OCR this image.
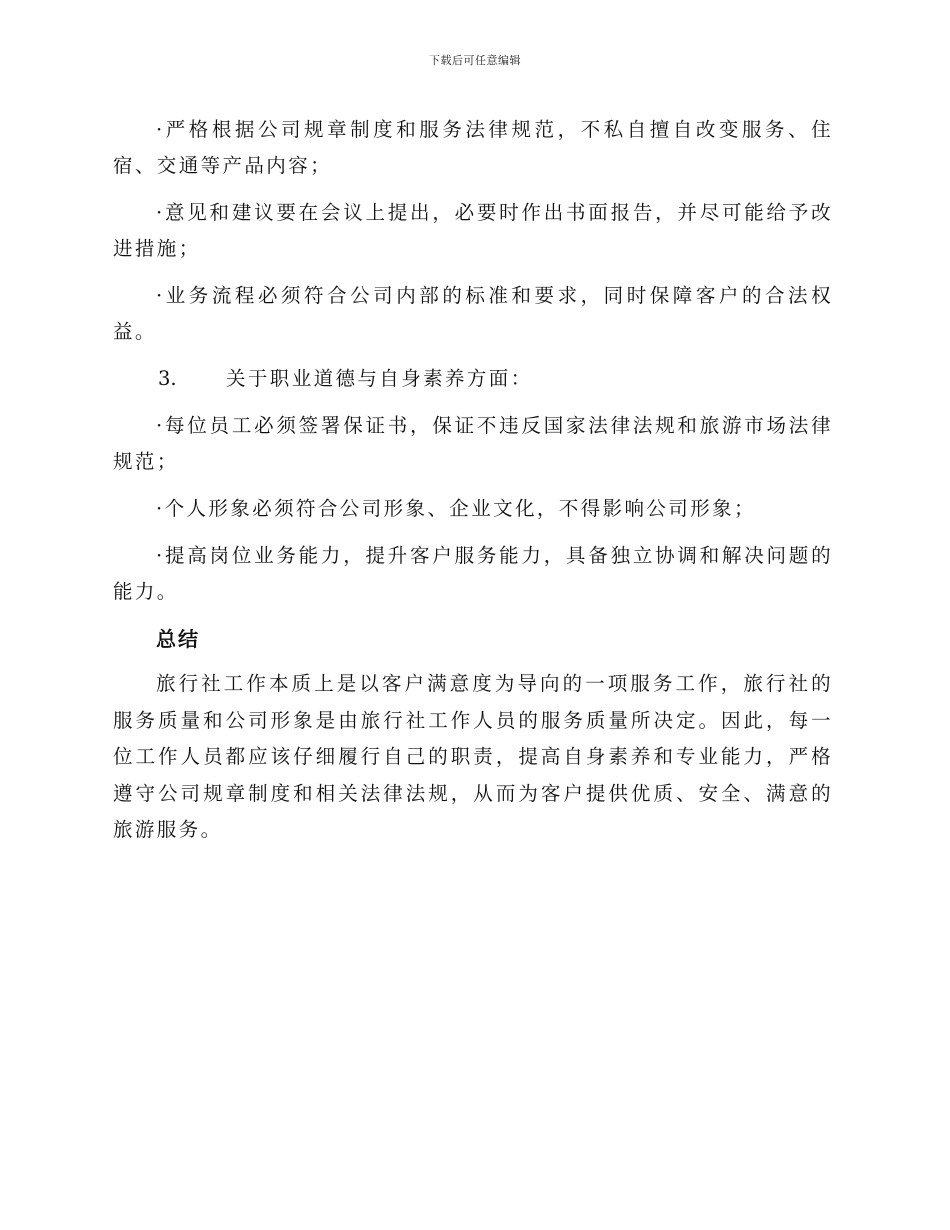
下载后可任意编辑

·严格根据公司规章制度和服务法律规范，不私自擅自改变服务、住宿、交通等产品内容；

·意见和建议要在会议上提出，必要时作出书面报告，并尽可能给予改进措施；

·业务流程必须符合公司内部的标准和要求，同时保障客户的合法权益。

3.	关于职业道德与自身素养方面：

·每位员工必须签署保证书，保证不违反国家法律法规和旅游市场法律规范；

·个人形象必须符合公司形象、企业文化，不得影响公司形象；

·提高岗位业务能力，提升客户服务能力，具备独立协调和解决问题的能力。

总结

旅行社工作本质上是以客户满意度为导向的一项服务工作，旅行社的服务质量和公司形象是由旅行社工作人员的服务质量所决定。因此，每一位工作人员都应该仔细履行自己的职责，提高自身素养和专业能力，严格遵守公司规章制度和相关法律法规，从而为客户提供优质、安全、满意的旅游服务。
